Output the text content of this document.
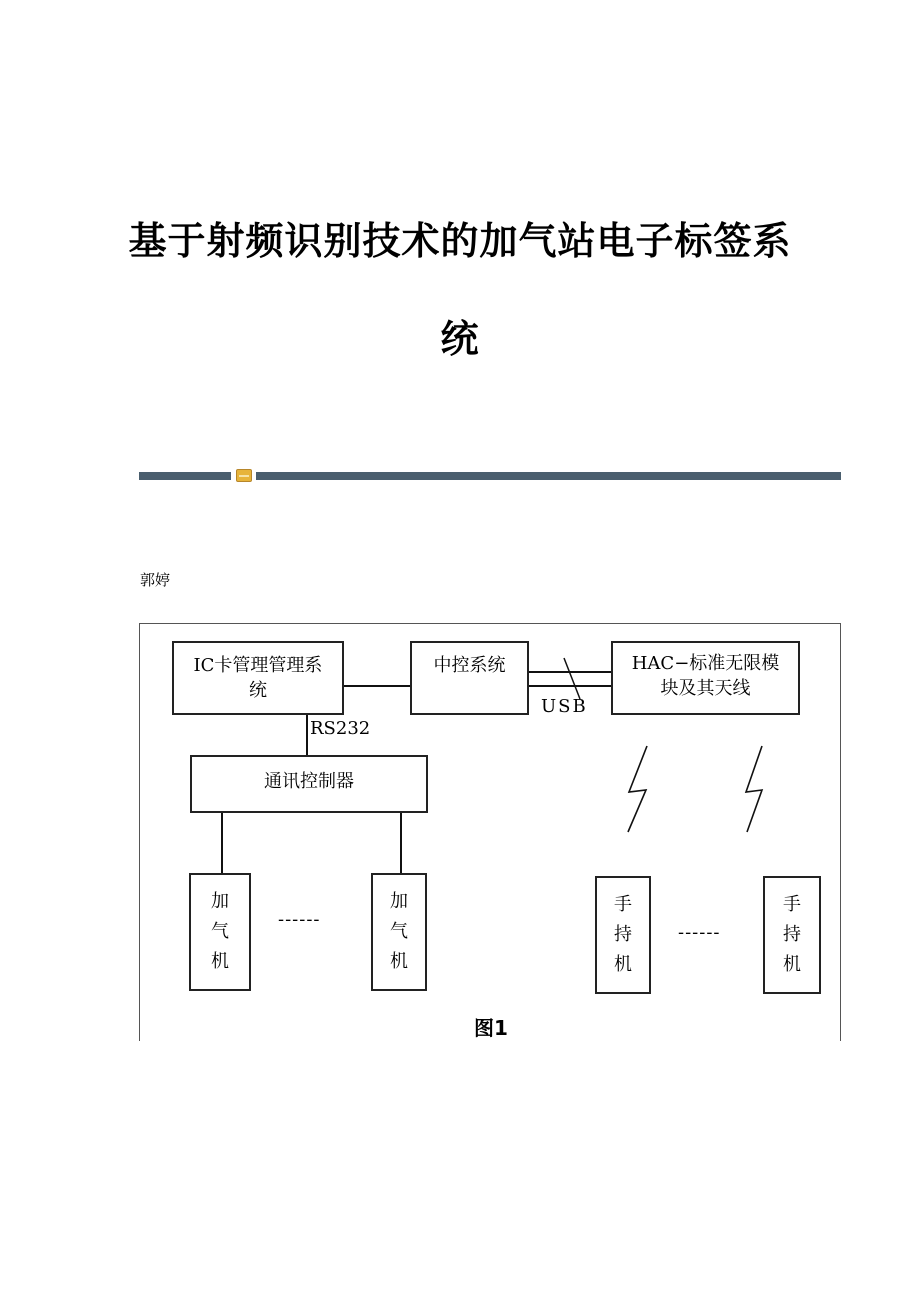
基于射频识别技术的加气站电子标签系
统
郭婷
IC卡管理管理系
统
中控系统	HAC−标准无限模
块及其天线
RS232
USB
通讯控制器
加
气
机
加
气
机
------
手
持
机
手
持
机
------
图1
